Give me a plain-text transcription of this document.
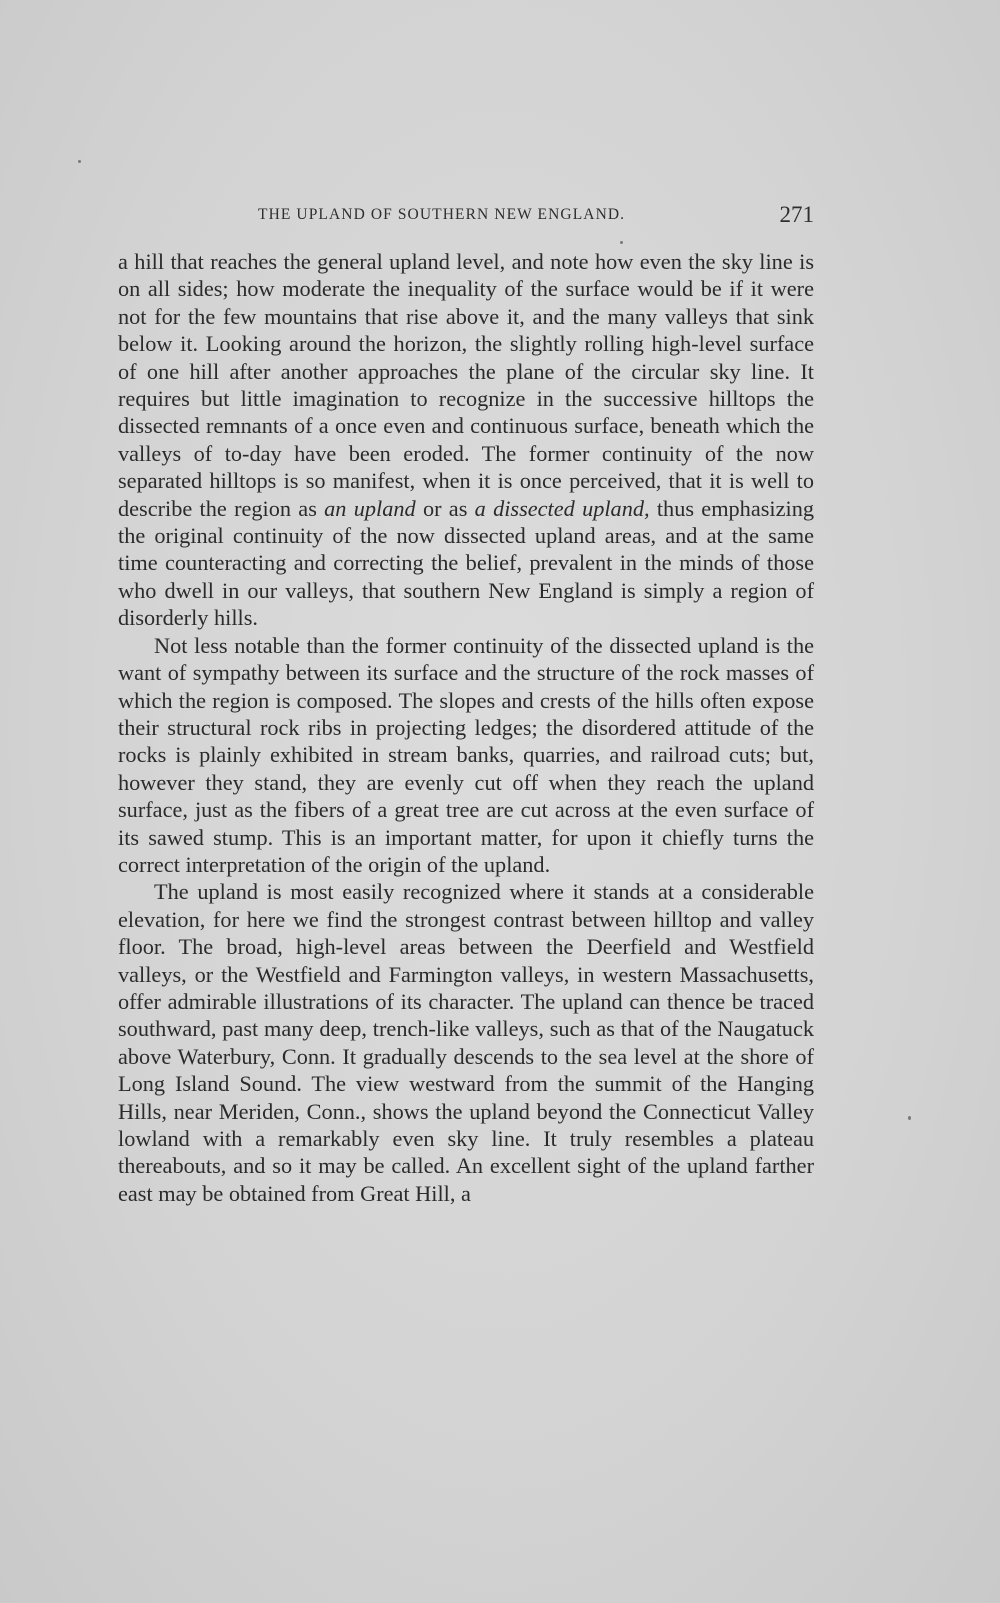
THE UPLAND OF SOUTHERN NEW ENGLAND.	271

a hill that reaches the general upland level, and note how even the sky line is on all sides; how moderate the inequality of the surface would be if it were not for the few mountains that rise above it, and the many valleys that sink below it. Looking around the horizon, the slightly rolling high-level surface of one hill after another approaches the plane of the circular sky line. It requires but little imagination to recognize in the successive hilltops the dissected remnants of a once even and continuous surface, beneath which the valleys of to-day have been eroded. The former continuity of the now separated hilltops is so manifest, when it is once perceived, that it is well to describe the region as an upland or as a dissected upland, thus emphasizing the original continuity of the now dissected upland areas, and at the same time counteracting and correcting the belief, prevalent in the minds of those who dwell in our valleys, that southern New England is simply a region of disorderly hills.

Not less notable than the former continuity of the dissected upland is the want of sympathy between its surface and the structure of the rock masses of which the region is composed. The slopes and crests of the hills often expose their structural rock ribs in projecting ledges; the disordered attitude of the rocks is plainly exhibited in stream banks, quarries, and railroad cuts; but, however they stand, they are evenly cut off when they reach the upland surface, just as the fibers of a great tree are cut across at the even surface of its sawed stump. This is an important matter, for upon it chiefly turns the correct interpretation of the origin of the upland.

The upland is most easily recognized where it stands at a considerable elevation, for here we find the strongest contrast between hilltop and valley floor. The broad, high-level areas between the Deerfield and Westfield valleys, or the Westfield and Farmington valleys, in western Massachusetts, offer admirable illustrations of its character. The upland can thence be traced southward, past many deep, trench-like valleys, such as that of the Naugatuck above Waterbury, Conn. It gradually descends to the sea level at the shore of Long Island Sound. The view westward from the summit of the Hanging Hills, near Meriden, Conn., shows the upland beyond the Connecticut Valley lowland with a remarkably even sky line. It truly resembles a plateau thereabouts, and so it may be called. An excellent sight of the upland farther east may be obtained from Great Hill, a
